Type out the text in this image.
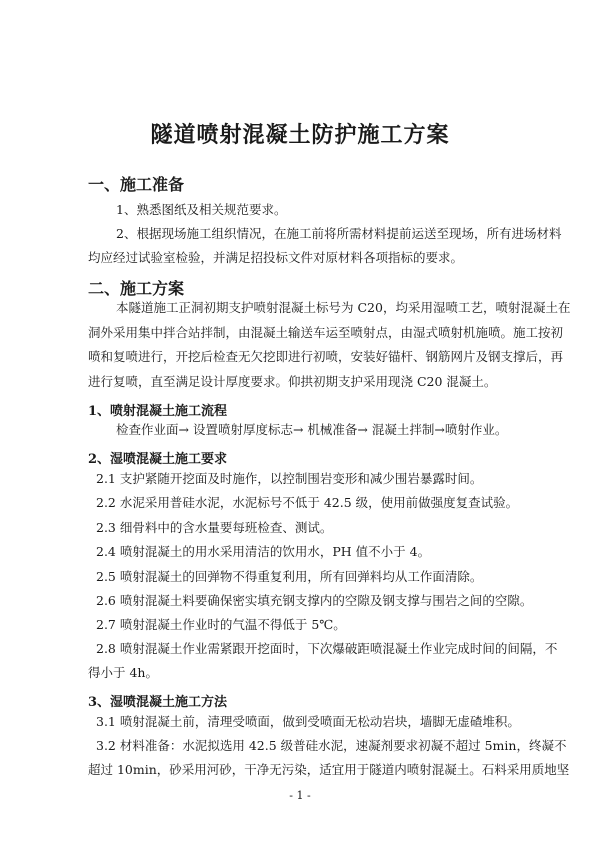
隧道喷射混凝土防护施工方案
一、施工准备
1、熟悉图纸及相关规范要求。
2、根据现场施工组织情况，在施工前将所需材料提前运送至现场，所有进场材料
均应经过试验室检验，并满足招投标文件对原材料各项指标的要求。
二、施工方案
本隧道施工正洞初期支护喷射混凝土标号为 C20，均采用湿喷工艺，喷射混凝土在
洞外采用集中拌合站拌制，由混凝土输送车运至喷射点，由湿式喷射机施喷。施工按初
喷和复喷进行，开挖后检查无欠挖即进行初喷，安装好锚杆、钢筋网片及钢支撑后，再
进行复喷，直至满足设计厚度要求。仰拱初期支护采用现浇 C20 混凝土。
1、喷射混凝土施工流程
检查作业面→ 设置喷射厚度标志→ 机械准备→ 混凝土拌制→喷射作业。
2、湿喷混凝土施工要求
2.1 支护紧随开挖面及时施作，以控制围岩变形和减少围岩暴露时间。
2.2 水泥采用普硅水泥，水泥标号不低于 42.5 级，使用前做强度复查试验。
2.3 细骨料中的含水量要每班检查、测试。
2.4 喷射混凝土的用水采用清洁的饮用水，PH 值不小于 4。
2.5 喷射混凝土的回弹物不得重复利用，所有回弹料均从工作面清除。
2.6 喷射混凝土料要确保密实填充钢支撑内的空隙及钢支撑与围岩之间的空隙。
2.7 喷射混凝土作业时的气温不得低于 5℃。
2.8 喷射混凝土作业需紧跟开挖面时，下次爆破距喷混凝土作业完成时间的间隔，不
得小于 4h。
3、湿喷混凝土施工方法
3.1 喷射混凝土前，清理受喷面，做到受喷面无松动岩块，墙脚无虚碴堆积。
3.2 材料准备：水泥拟选用 42.5 级普硅水泥，速凝剂要求初凝不超过 5min，终凝不
超过 10min，砂采用河砂，干净无污染，适宜用于隧道内喷射混凝土。石料采用质地坚
- 1 -
